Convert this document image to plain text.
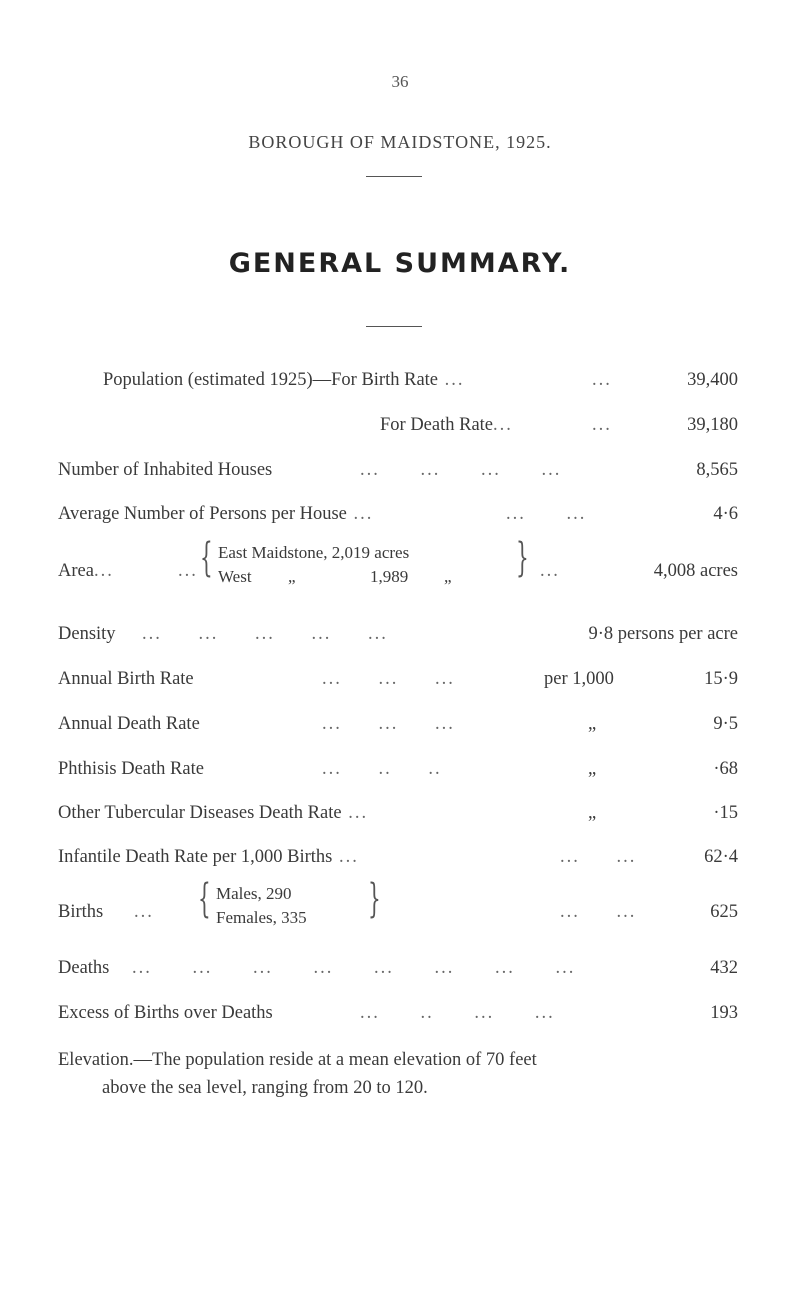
36
BOROUGH OF MAIDSTONE, 1925.
GENERAL SUMMARY.
Population (estimated 1925)—For Birth Rate ...	...	39,400
For Death Rate...	...	39,180
Number of Inhabited Houses	... ... ... ...	8,565
Average Number of Persons per House ...	... ...	4·6
Area...	... { East Maidstone, 2,019 acres
West „	1,989 „ } ...	4,008 acres
Density ... ... ... ... ...	9·8 persons per acre
Annual Birth Rate	... ... ...	per 1,000	15·9
Annual Death Rate	... ... ...	„	9·5
Phthisis Death Rate	... .. ..	„	·68
Other Tubercular Diseases Death Rate ...	„	·15
Infantile Death Rate per 1,000 Births ...	... ...	62·4
Births ... { Males, 290
Females, 335 }	... ...	625
Deaths ... ... ... ... ... ... ... ...	432
Excess of Births over Deaths	... .. ... ...	193
Elevation.—The population reside at a mean elevation of 70 feet
above the sea level, ranging from 20 to 120.
